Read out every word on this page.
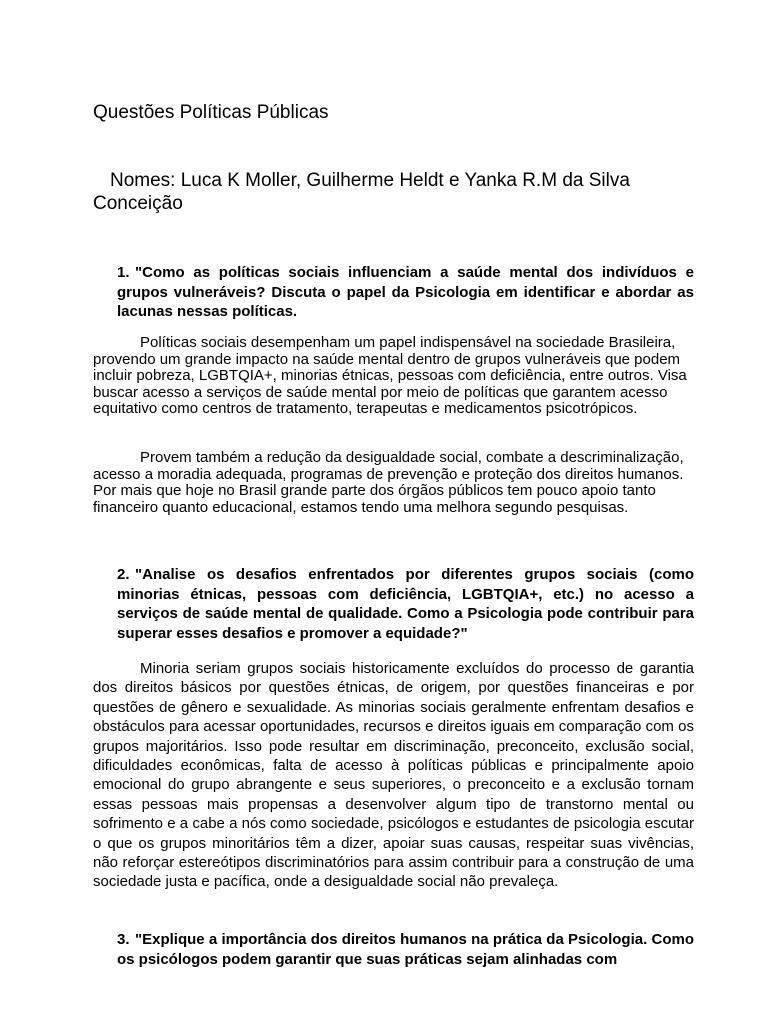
Questões Políticas Públicas

Nomes: Luca K Moller, Guilherme Heldt e Yanka R.M da Silva Conceição

1. "Como as políticas sociais influenciam a saúde mental dos indivíduos e grupos vulneráveis? Discuta o papel da Psicologia em identificar e abordar as lacunas nessas políticas.

Políticas sociais desempenham um papel indispensável na sociedade Brasileira, provendo um grande impacto na saúde mental dentro de grupos vulneráveis que podem incluir pobreza, LGBTQIA+, minorias étnicas, pessoas com deficiência, entre outros. Visa buscar acesso a serviços de saúde mental por meio de políticas que garantem acesso equitativo como centros de tratamento, terapeutas e medicamentos psicotrópicos.

Provem também a redução da desigualdade social, combate a descriminalização, acesso a moradia adequada, programas de prevenção e proteção dos direitos humanos. Por mais que hoje no Brasil grande parte dos órgãos públicos tem pouco apoio tanto financeiro quanto educacional, estamos tendo uma melhora segundo pesquisas.

2. "Analise os desafios enfrentados por diferentes grupos sociais (como minorias étnicas, pessoas com deficiência, LGBTQIA+, etc.) no acesso a serviços de saúde mental de qualidade. Como a Psicologia pode contribuir para superar esses desafios e promover a equidade?"

Minoria seriam grupos sociais historicamente excluídos do processo de garantia dos direitos básicos por questões étnicas, de origem, por questões financeiras e por questões de gênero e sexualidade. As minorias sociais geralmente enfrentam desafios e obstáculos para acessar oportunidades, recursos e direitos iguais em comparação com os grupos majoritários. Isso pode resultar em discriminação, preconceito, exclusão social, dificuldades econômicas, falta de acesso à políticas públicas e principalmente apoio emocional do grupo abrangente e seus superiores, o preconceito e a exclusão tornam essas pessoas mais propensas a desenvolver algum tipo de transtorno mental ou sofrimento e a cabe a nós como sociedade, psicólogos e estudantes de psicologia escutar o que os grupos minoritários têm a dizer, apoiar suas causas, respeitar suas vivências, não reforçar estereótipos discriminatórios para assim contribuir para a construção de uma sociedade justa e pacífica, onde a desigualdade social não prevaleça.

3. "Explique a importância dos direitos humanos na prática da Psicologia. Como os psicólogos podem garantir que suas práticas sejam alinhadas com
